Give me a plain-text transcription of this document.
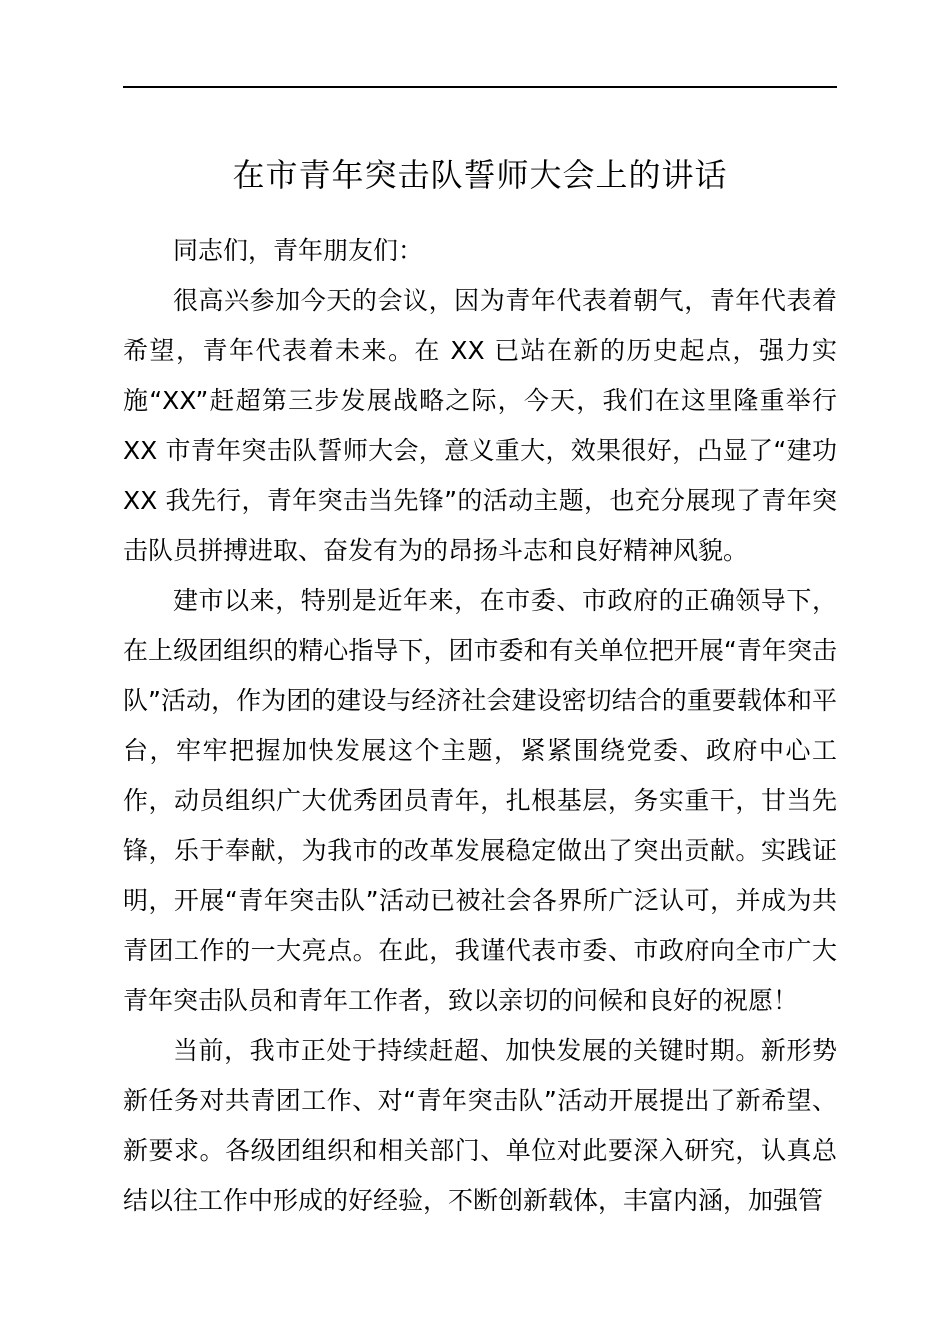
在市青年突击队誓师大会上的讲话

同志们，青年朋友们：

很高兴参加今天的会议，因为青年代表着朝气，青年代表着希望，青年代表着未来。在 XX 已站在新的历史起点，强力实施“XX”赶超第三步发展战略之际，今天，我们在这里隆重举行 XX 市青年突击队誓师大会，意义重大，效果很好，凸显了“建功 XX 我先行，青年突击当先锋”的活动主题，也充分展现了青年突击队员拼搏进取、奋发有为的昂扬斗志和良好精神风貌。

建市以来，特别是近年来，在市委、市政府的正确领导下，在上级团组织的精心指导下，团市委和有关单位把开展“青年突击队”活动，作为团的建设与经济社会建设密切结合的重要载体和平台，牢牢把握加快发展这个主题，紧紧围绕党委、政府中心工作，动员组织广大优秀团员青年，扎根基层，务实重干，甘当先锋，乐于奉献，为我市的改革发展稳定做出了突出贡献。实践证明，开展“青年突击队”活动已被社会各界所广泛认可，并成为共青团工作的一大亮点。在此，我谨代表市委、市政府向全市广大青年突击队员和青年工作者，致以亲切的问候和良好的祝愿！

当前，我市正处于持续赶超、加快发展的关键时期。新形势新任务对共青团工作、对“青年突击队”活动开展提出了新希望、新要求。各级团组织和相关部门、单位对此要深入研究，认真总结以往工作中形成的好经验，不断创新载体，丰富内涵，加强管
